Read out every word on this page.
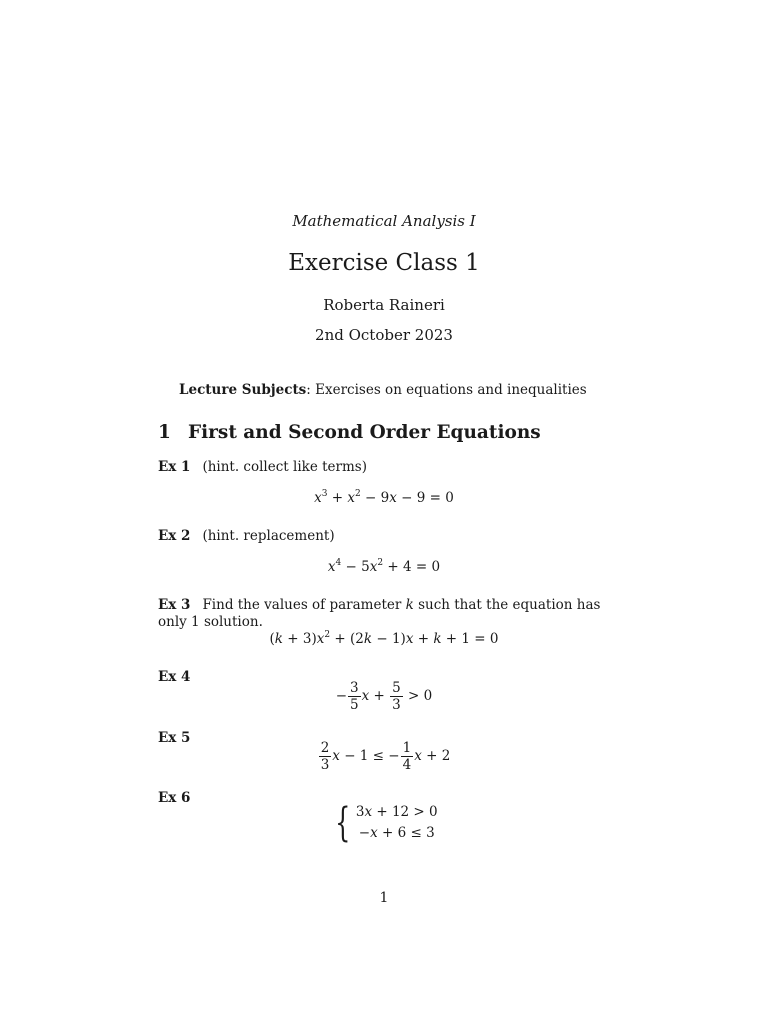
Mathematical Analysis I
Exercise Class 1
Roberta Raineri
2nd October 2023
Lecture Subjects: Exercises on equations and inequalities
1 First and Second Order Equations
Ex 1 (hint. collect like terms)
$x^3 + x^2 - 9x - 9 = 0$
Ex 2 (hint. replacement)
$x^4 - 5x^2 + 4 = 0$
Ex 3 Find the values of parameter k such that the equation has only 1 solution.
$(k + 3)x^2 + (2k - 1)x + k + 1 = 0$
Ex 4
− $\frac{3}{5}$ $x + \frac{5}{3} > 0$
Ex 5
$\frac{2}{3}$ x − 1 ≤ − $\frac{1}{4}$ x + 2
Ex 6
{ 3x + 12 > 0
−x + 6 ≤ 3
1
